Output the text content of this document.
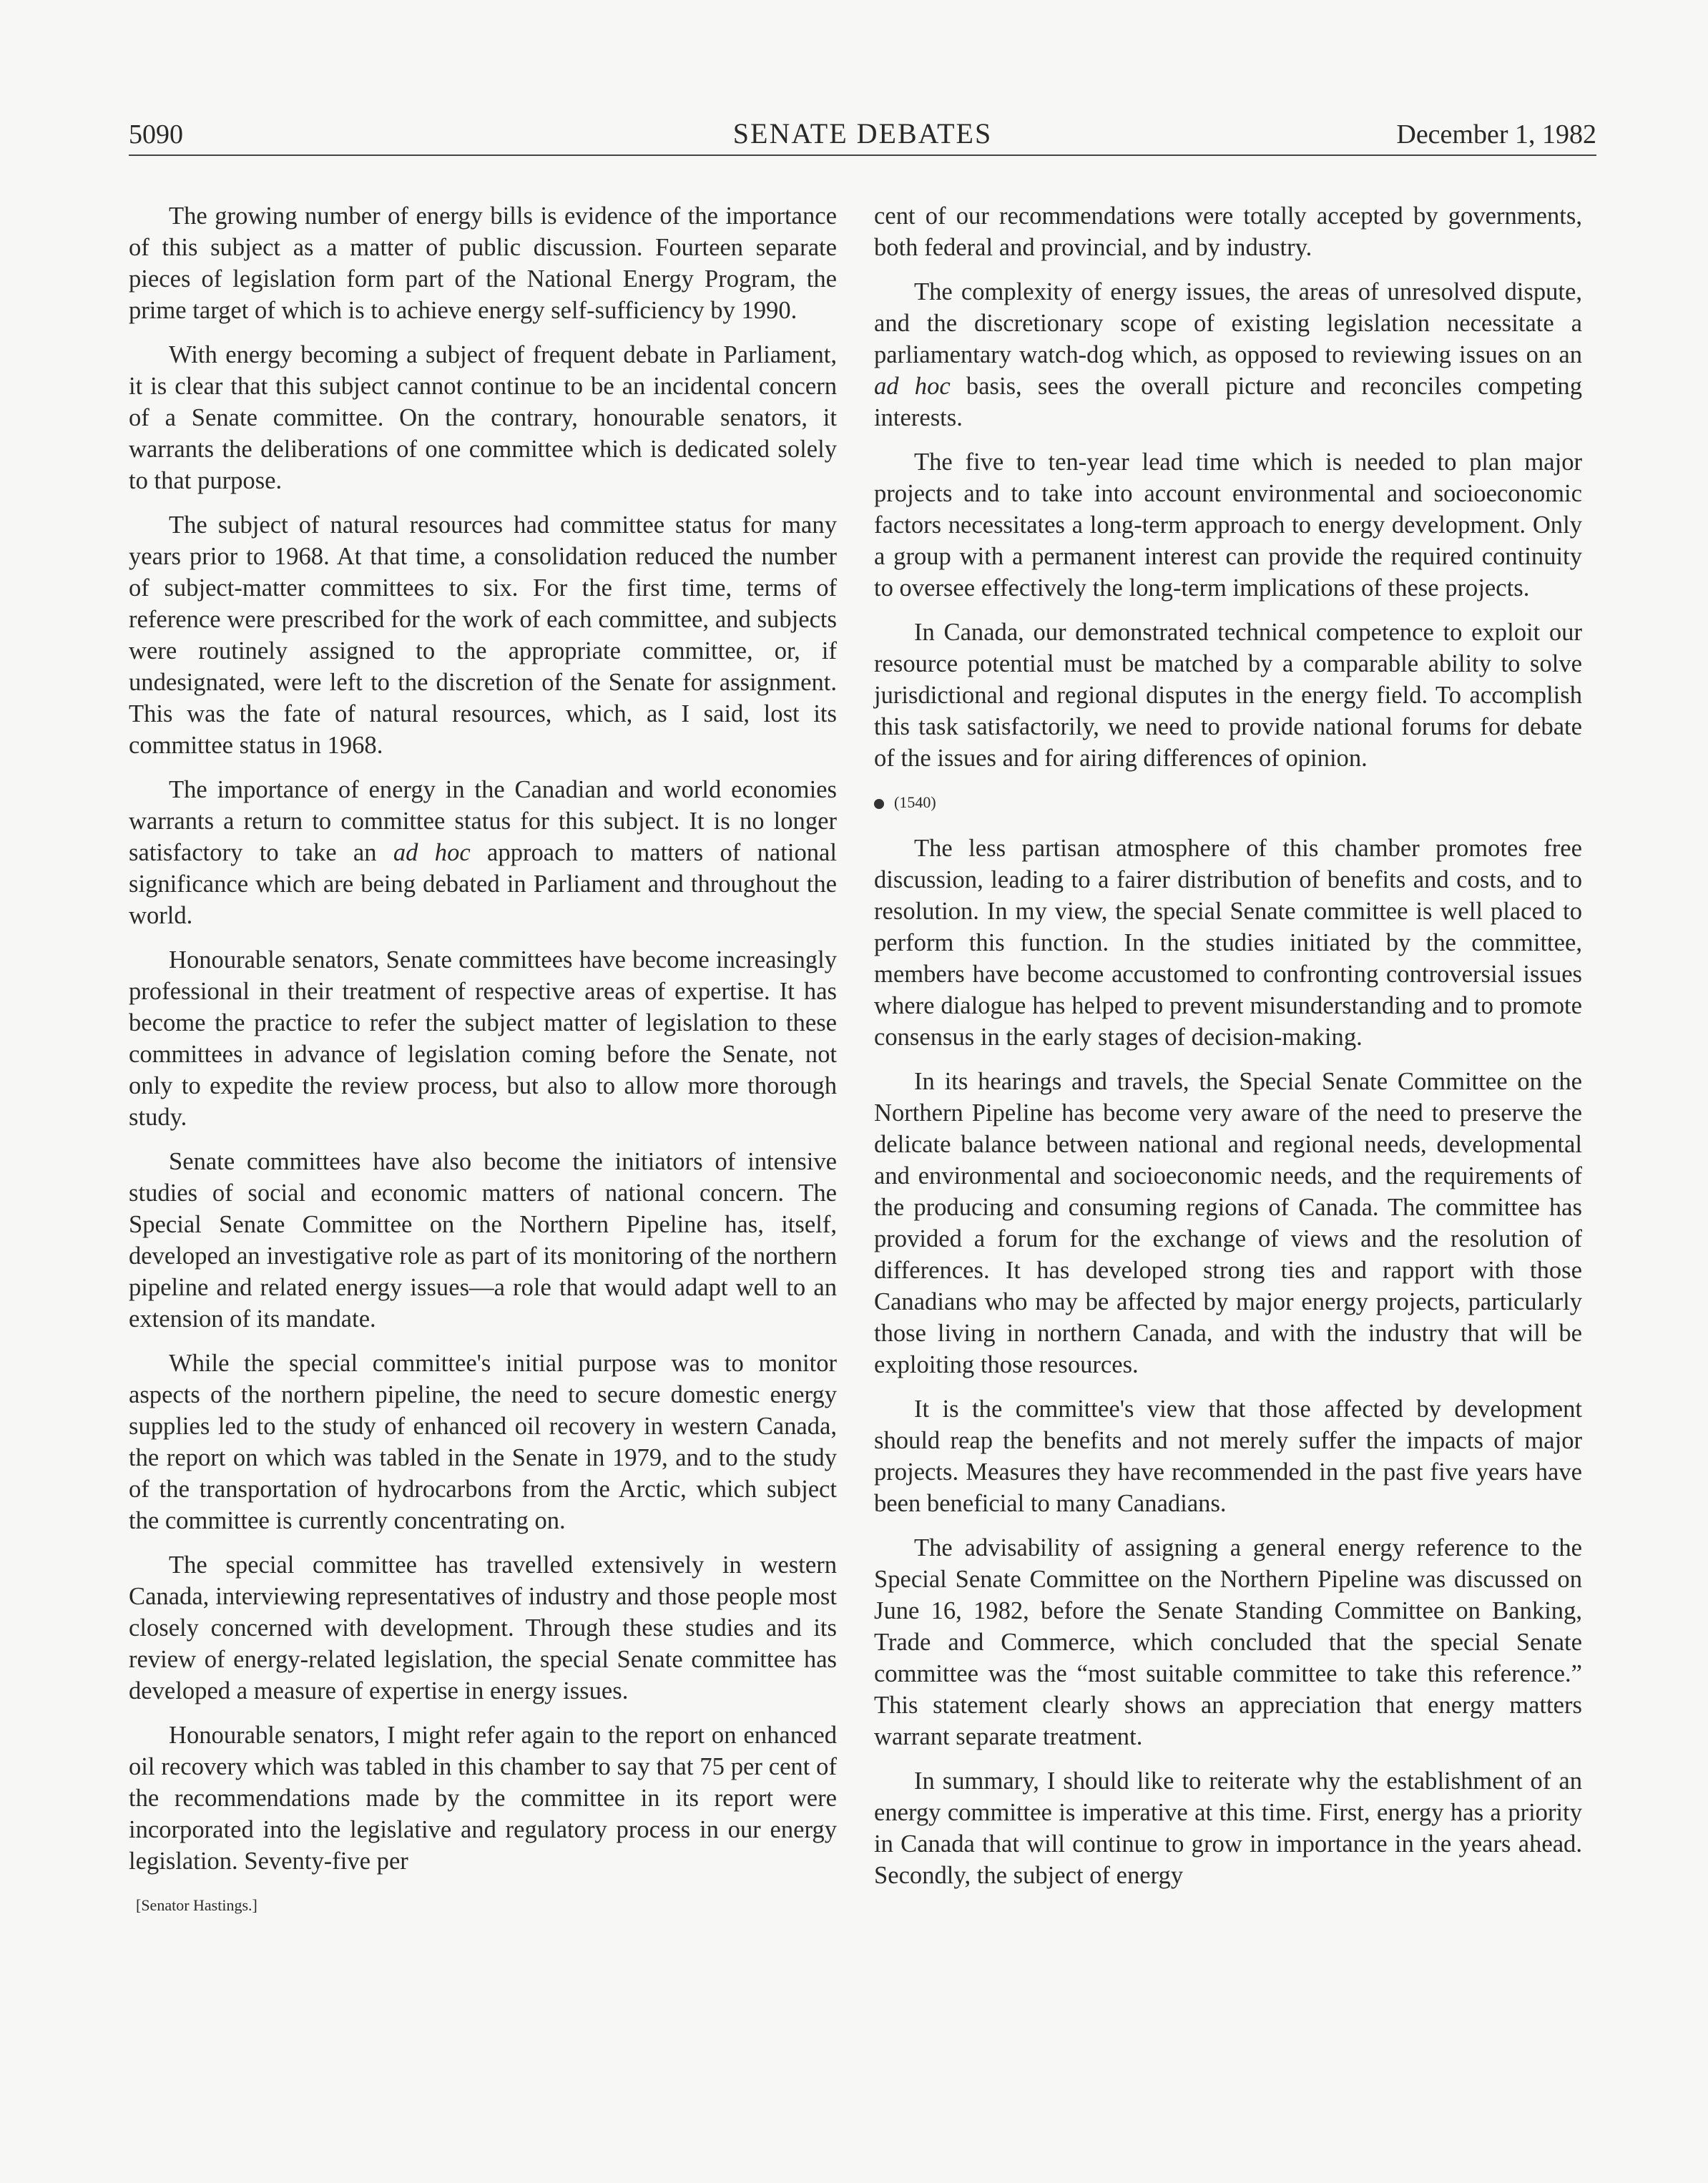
SENATE DEBATES
5090	December 1, 1982

The growing number of energy bills is evidence of the importance of this subject as a matter of public discussion. Fourteen separate pieces of legislation form part of the National Energy Program, the prime target of which is to achieve energy self-sufficiency by 1990.

With energy becoming a subject of frequent debate in Parliament, it is clear that this subject cannot continue to be an incidental concern of a Senate committee. On the contrary, honourable senators, it warrants the deliberations of one committee which is dedicated solely to that purpose.

The subject of natural resources had committee status for many years prior to 1968. At that time, a consolidation reduced the number of subject-matter committees to six. For the first time, terms of reference were prescribed for the work of each committee, and subjects were routinely assigned to the appropriate committee, or, if undesignated, were left to the discretion of the Senate for assignment. This was the fate of natural resources, which, as I said, lost its committee status in 1968.

The importance of energy in the Canadian and world economies warrants a return to committee status for this subject. It is no longer satisfactory to take an ad hoc approach to matters of national significance which are being debated in Parliament and throughout the world.

Honourable senators, Senate committees have become increasingly professional in their treatment of respective areas of expertise. It has become the practice to refer the subject matter of legislation to these committees in advance of legislation coming before the Senate, not only to expedite the review process, but also to allow more thorough study.

Senate committees have also become the initiators of intensive studies of social and economic matters of national concern. The Special Senate Committee on the Northern Pipeline has, itself, developed an investigative role as part of its monitoring of the northern pipeline and related energy issues—a role that would adapt well to an extension of its mandate.

While the special committee's initial purpose was to monitor aspects of the northern pipeline, the need to secure domestic energy supplies led to the study of enhanced oil recovery in western Canada, the report on which was tabled in the Senate in 1979, and to the study of the transportation of hydrocarbons from the Arctic, which subject the committee is currently concentrating on.

The special committee has travelled extensively in western Canada, interviewing representatives of industry and those people most closely concerned with development. Through these studies and its review of energy-related legislation, the special Senate committee has developed a measure of expertise in energy issues.

Honourable senators, I might refer again to the report on enhanced oil recovery which was tabled in this chamber to say that 75 per cent of the recommendations made by the committee in its report were incorporated into the legislative and regulatory process in our energy legislation. Seventy-five per

[Senator Hastings.]

cent of our recommendations were totally accepted by governments, both federal and provincial, and by industry.

The complexity of energy issues, the areas of unresolved dispute, and the discretionary scope of existing legislation necessitate a parliamentary watch-dog which, as opposed to reviewing issues on an ad hoc basis, sees the overall picture and reconciles competing interests.

The five to ten-year lead time which is needed to plan major projects and to take into account environmental and socioeconomic factors necessitates a long-term approach to energy development. Only a group with a permanent interest can provide the required continuity to oversee effectively the long-term implications of these projects.

In Canada, our demonstrated technical competence to exploit our resource potential must be matched by a comparable ability to solve jurisdictional and regional disputes in the energy field. To accomplish this task satisfactorily, we need to provide national forums for debate of the issues and for airing differences of opinion.

(1540)

The less partisan atmosphere of this chamber promotes free discussion, leading to a fairer distribution of benefits and costs, and to resolution. In my view, the special Senate committee is well placed to perform this function. In the studies initiated by the committee, members have become accustomed to confronting controversial issues where dialogue has helped to prevent misunderstanding and to promote consensus in the early stages of decision-making.

In its hearings and travels, the Special Senate Committee on the Northern Pipeline has become very aware of the need to preserve the delicate balance between national and regional needs, developmental and environmental and socioeconomic needs, and the requirements of the producing and consuming regions of Canada. The committee has provided a forum for the exchange of views and the resolution of differences. It has developed strong ties and rapport with those Canadians who may be affected by major energy projects, particularly those living in northern Canada, and with the industry that will be exploiting those resources.

It is the committee's view that those affected by development should reap the benefits and not merely suffer the impacts of major projects. Measures they have recommended in the past five years have been beneficial to many Canadians.

The advisability of assigning a general energy reference to the Special Senate Committee on the Northern Pipeline was discussed on June 16, 1982, before the Senate Standing Committee on Banking, Trade and Commerce, which concluded that the special Senate committee was the “most suitable committee to take this reference.” This statement clearly shows an appreciation that energy matters warrant separate treatment.

In summary, I should like to reiterate why the establishment of an energy committee is imperative at this time. First, energy has a priority in Canada that will continue to grow in importance in the years ahead. Secondly, the subject of energy
